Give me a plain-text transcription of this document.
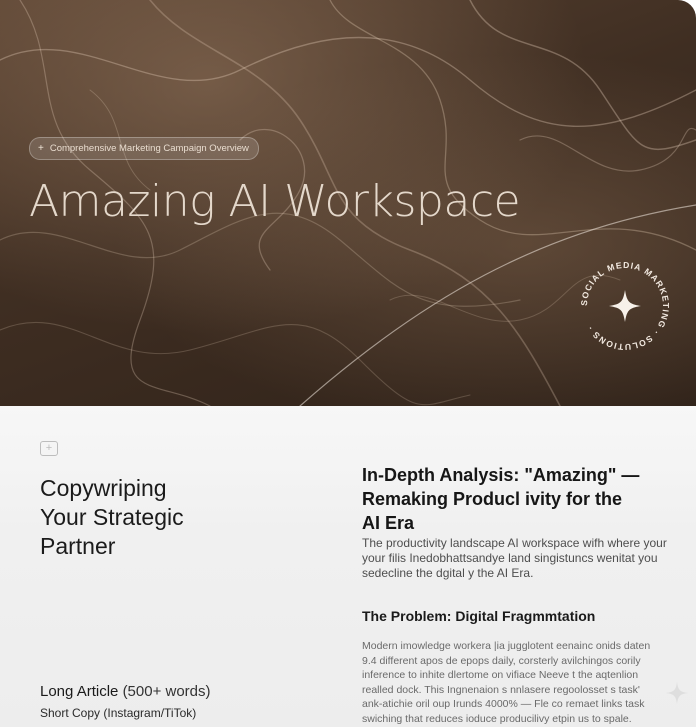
+ Comprehensive Marketing Campaign Overview
Amazing AI Workspace
SOCIAL MEDIA MARKETING · SOLUTIONS ·
+
Copywriping
Your Strategic
Partner
Long Article (500+ words)
Short Copy (Instagram/TiTok)
In-Depth Analysis: "Amazing" —
Remaking Producl ivity for the
AI Era
The productivity landscape AI workspace wifh where your
your filis Inedobhattsandye land singistuncs wenitat you
sedecline the dgital y the AI Era.
The Problem: Digital Fragmmtation
Modern imowledge workera |ia jugglotent eenainc onids daten
9.4 different apos de epops daily, corsterly avilchingos corily
inference to inhite dlertome on vifiace Neeve t the aqtenlion
realled dock. This Ingnenaion s nnlasere regoolosset s task'
ank-atichie oril oup Irunds 4000% — Fle co remaet links task
swiching that reduces ioduce producilivy etpin us to spale.
